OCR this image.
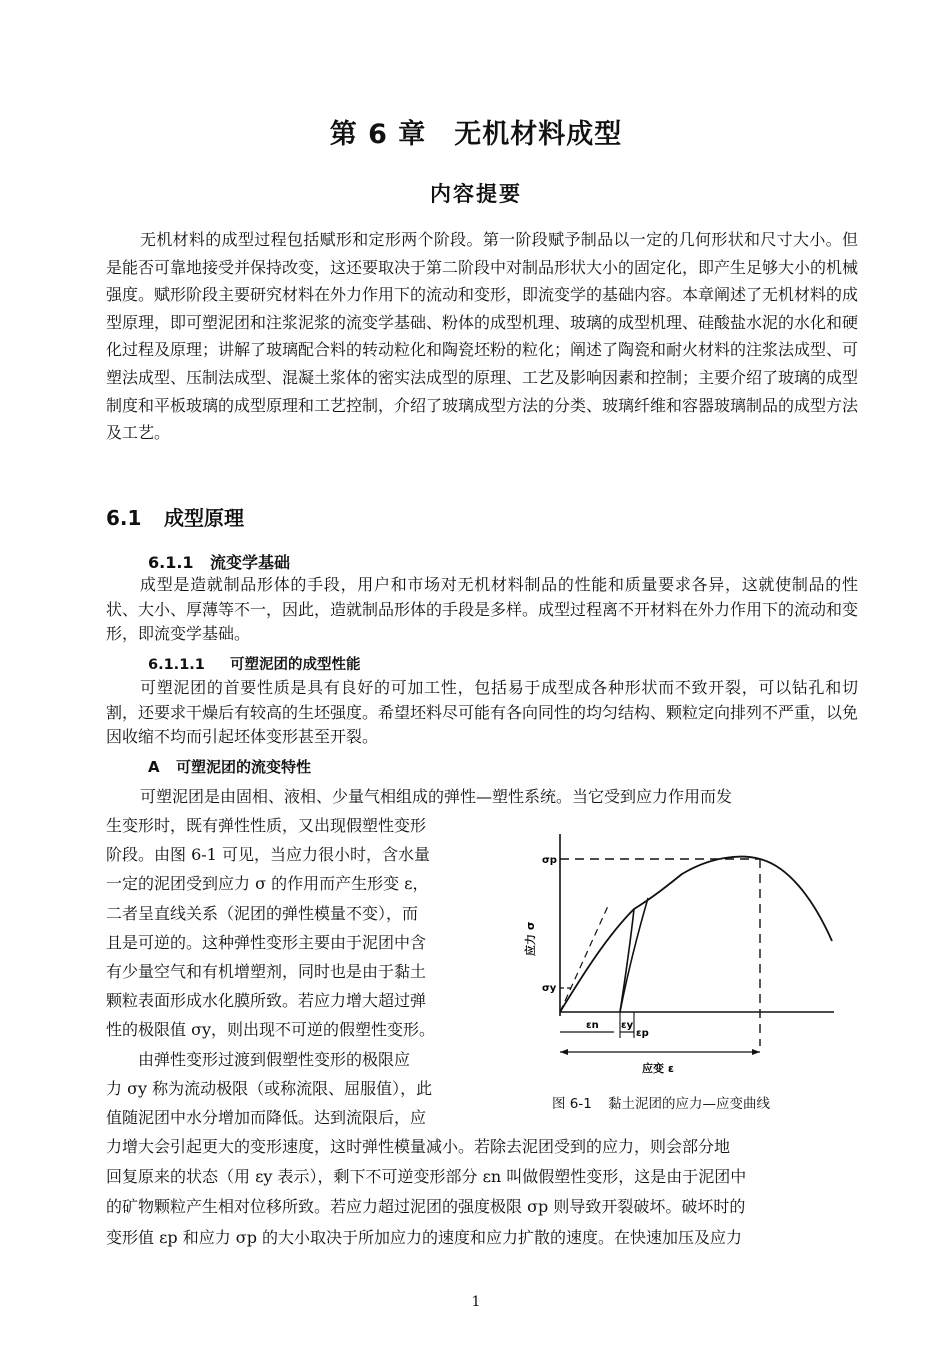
第 6 章　无机材料成型
内容提要

无机材料的成型过程包括赋形和定形两个阶段。第一阶段赋予制品以一定的几何形状和尺寸大小。但是能否可靠地接受并保持改变，这还要取决于第二阶段中对制品形状大小的固定化，即产生足够大小的机械强度。赋形阶段主要研究材料在外力作用下的流动和变形，即流变学的基础内容。本章阐述了无机材料的成型原理，即可塑泥团和注浆泥浆的流变学基础、粉体的成型机理、玻璃的成型机理、硅酸盐水泥的水化和硬化过程及原理；讲解了玻璃配合料的转动粒化和陶瓷坯粉的粒化；阐述了陶瓷和耐火材料的注浆法成型、可塑法成型、压制法成型、混凝土浆体的密实法成型的原理、工艺及影响因素和控制；主要介绍了玻璃的成型制度和平板玻璃的成型原理和工艺控制，介绍了玻璃成型方法的分类、玻璃纤维和容器玻璃制品的成型方法及工艺。

6.1 成型原理
6.1.1 流变学基础

成型是造就制品形体的手段，用户和市场对无机材料制品的性能和质量要求各异，这就使制品的性状、大小、厚薄等不一，因此，造就制品形体的手段是多样。成型过程离不开材料在外力作用下的流动和变形，即流变学基础。

6.1.1.1 可塑泥团的成型性能

可塑泥团的首要性质是具有良好的可加工性，包括易于成型成各种形状而不致开裂，可以钻孔和切割，还要求干燥后有较高的生坯强度。希望坯料尽可能有各向同性的均匀结构、颗粒定向排列不严重，以免因收缩不均而引起坯体变形甚至开裂。

A 可塑泥团的流变特性
可塑泥团是由固相、液相、少量气相组成的弹性—塑性系统。当它受到应力作用而发
生变形时，既有弹性性质，又出现假塑性变形
阶段。由图 6-1 可见，当应力很小时，含水量
一定的泥团受到应力 σ 的作用而产生形变 ε，
二者呈直线关系（泥团的弹性模量不变），而
且是可逆的。这种弹性变形主要由于泥团中含
有少量空气和有机增塑剂，同时也是由于黏土
颗粒表面形成水化膜所致。若应力增大超过弹
性的极限值 σy，则出现不可逆的假塑性变形。
　　由弹性变形过渡到假塑性变形的极限应
力 σy 称为流动极限（或称流限、屈服值），此
值随泥团中水分增加而降低。达到流限后，应
σp
σy
εn εy
εp
应力 σ
应变 ε
图 6-1 黏土泥团的应力—应变曲线
力增大会引起更大的变形速度，这时弹性模量减小。若除去泥团受到的应力，则会部分地
回复原来的状态（用 εy 表示），剩下不可逆变形部分 εn 叫做假塑性变形，这是由于泥团中
的矿物颗粒产生相对位移所致。若应力超过泥团的强度极限 σp 则导致开裂破坏。破坏时的
变形值 εp 和应力 σp 的大小取决于所加应力的速度和应力扩散的速度。在快速加压及应力
1
